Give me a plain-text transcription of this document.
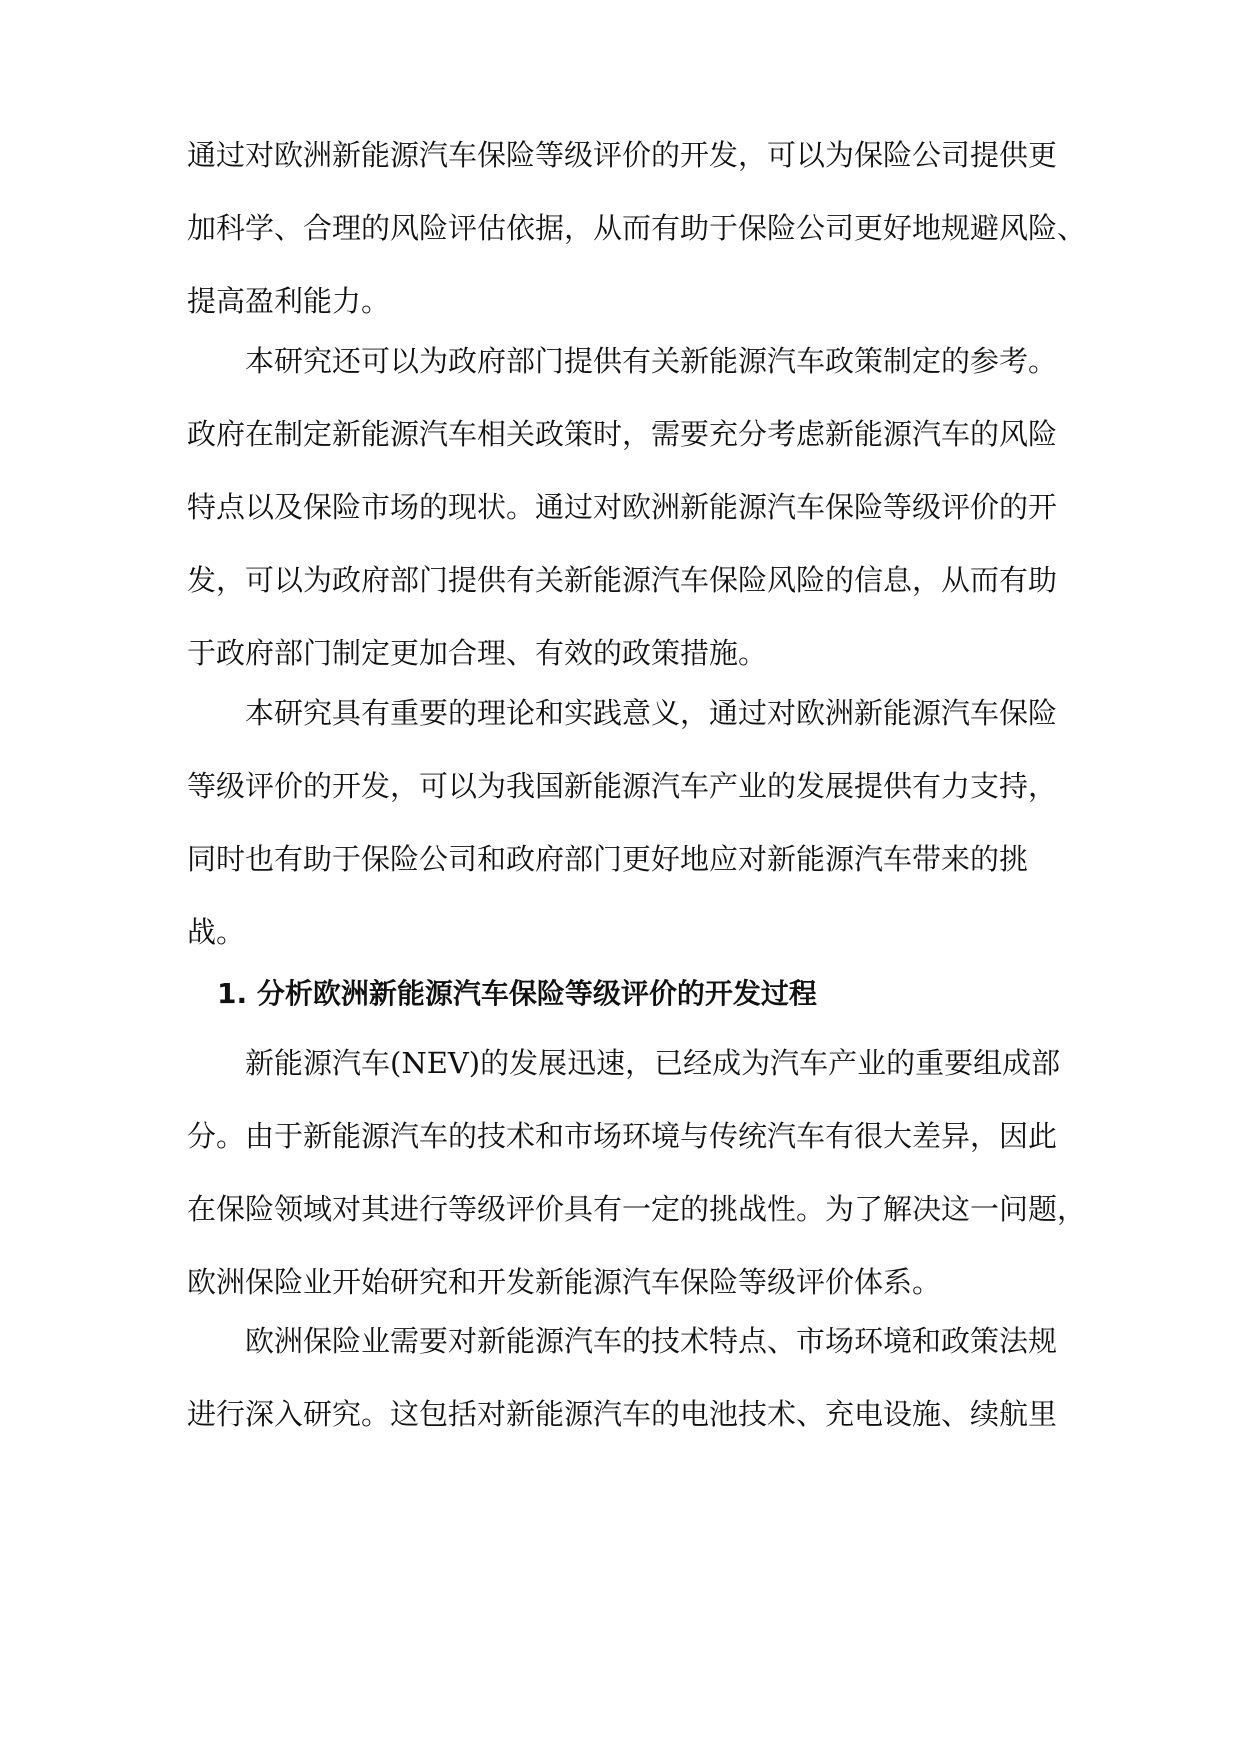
通过对欧洲新能源汽车保险等级评价的开发，可以为保险公司提供更
加科学、合理的风险评估依据，从而有助于保险公司更好地规避风险、
提高盈利能力。
本研究还可以为政府部门提供有关新能源汽车政策制定的参考。
政府在制定新能源汽车相关政策时，需要充分考虑新能源汽车的风险
特点以及保险市场的现状。通过对欧洲新能源汽车保险等级评价的开
发，可以为政府部门提供有关新能源汽车保险风险的信息，从而有助
于政府部门制定更加合理、有效的政策措施。
本研究具有重要的理论和实践意义，通过对欧洲新能源汽车保险
等级评价的开发，可以为我国新能源汽车产业的发展提供有力支持，
同时也有助于保险公司和政府部门更好地应对新能源汽车带来的挑
战。
1. 分析欧洲新能源汽车保险等级评价的开发过程
新能源汽车(NEV)的发展迅速，已经成为汽车产业的重要组成部
分。由于新能源汽车的技术和市场环境与传统汽车有很大差异，因此
在保险领域对其进行等级评价具有一定的挑战性。为了解决这一问题，
欧洲保险业开始研究和开发新能源汽车保险等级评价体系。
欧洲保险业需要对新能源汽车的技术特点、市场环境和政策法规
进行深入研究。这包括对新能源汽车的电池技术、充电设施、续航里
